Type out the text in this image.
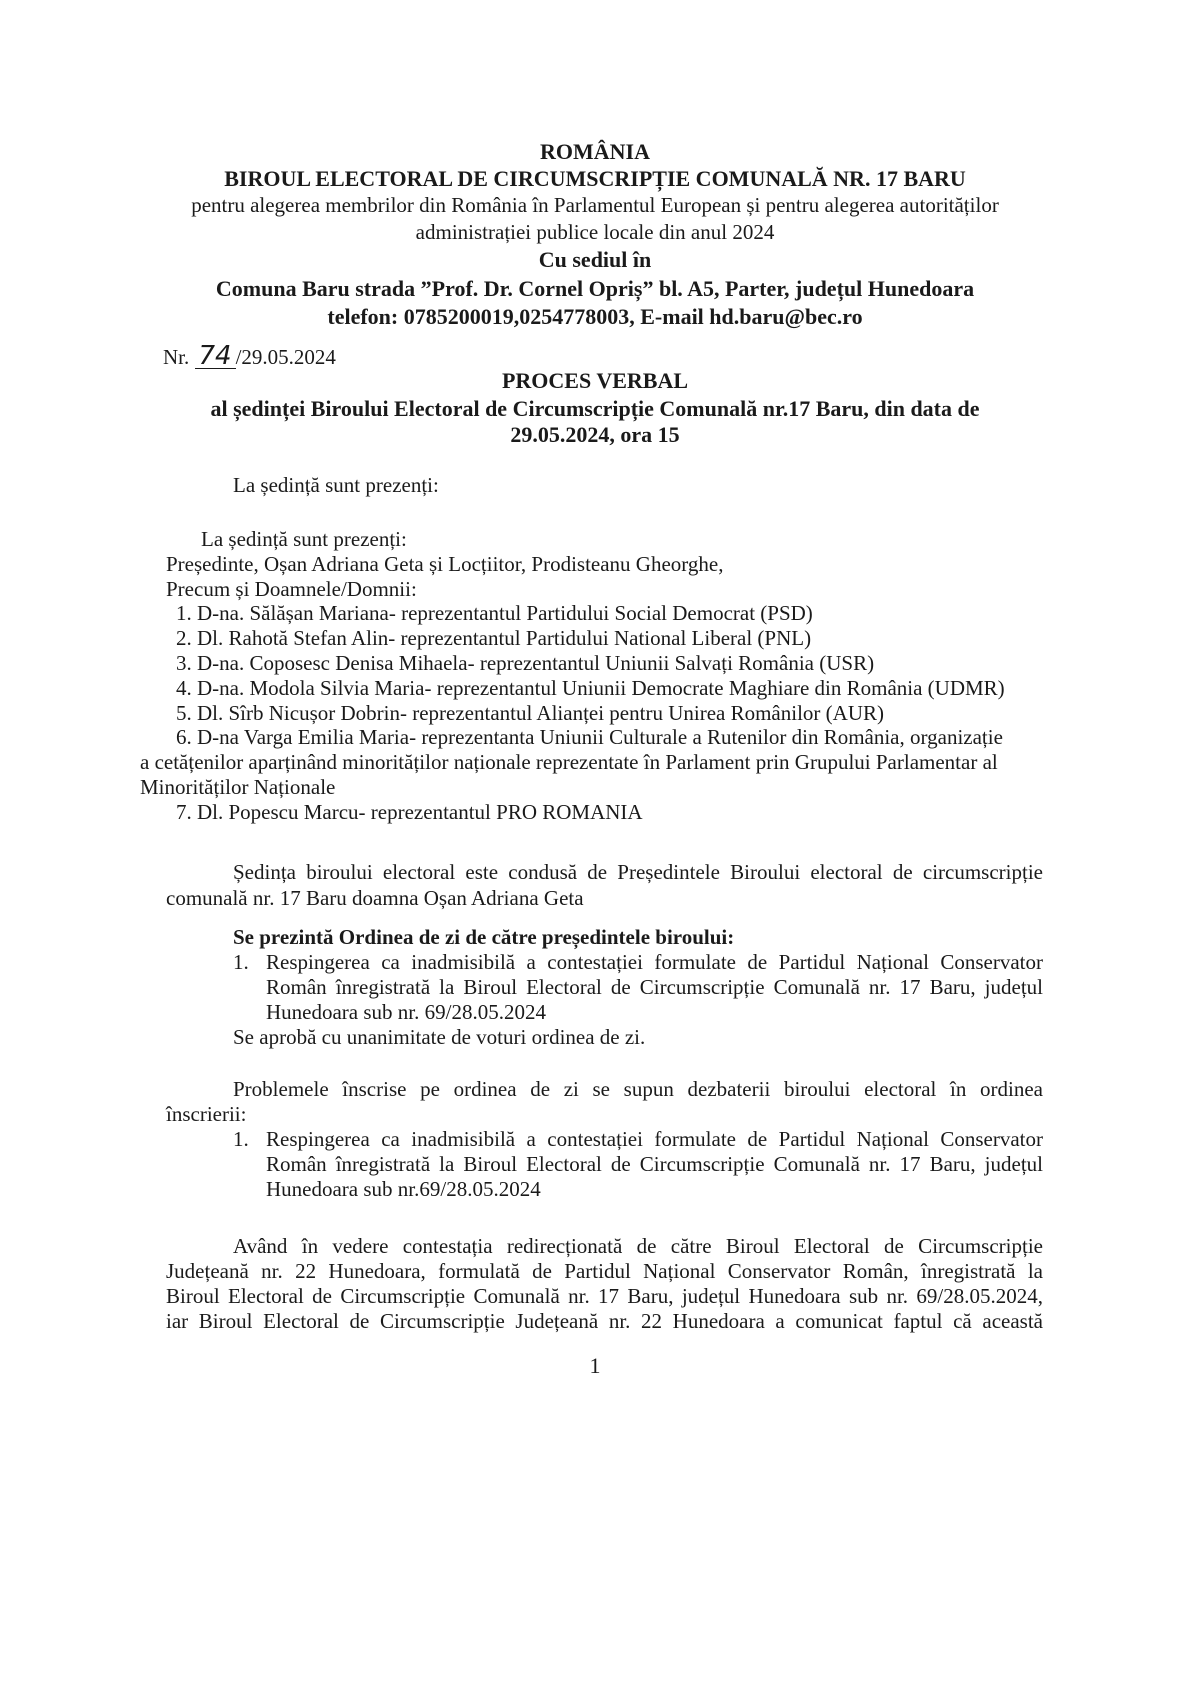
ROMÂNIA
BIROUL ELECTORAL DE CIRCUMSCRIPȚIE COMUNALĂ NR. 17 BARU
pentru alegerea membrilor din România în Parlamentul European și pentru alegerea autorităților
administrației publice locale din anul 2024
Cu sediul în
Comuna Baru strada ”Prof. Dr. Cornel Opriș” bl. A5, Parter, județul Hunedoara
telefon: 0785200019,0254778003, E-mail hd.baru@bec.ro
Nr. 74 /29.05.2024
PROCES VERBAL
al ședinței Biroului Electoral de Circumscripție Comunală nr.17 Baru, din data de
29.05.2024, ora 15
La ședință sunt prezenți:
La ședință sunt prezenți:
Președinte, Oșan Adriana Geta și Locțiitor, Prodisteanu Gheorghe,
Precum și Doamnele/Domnii:
1. D-na. Sălășan Mariana- reprezentantul Partidului Social Democrat (PSD)
2. Dl. Rahotă Stefan Alin- reprezentantul Partidului National Liberal (PNL)
3. D-na. Coposesc Denisa Mihaela- reprezentantul Uniunii Salvați România (USR)
4. D-na. Modola Silvia Maria- reprezentantul Uniunii Democrate Maghiare din România (UDMR)
5. Dl. Sîrb Nicușor Dobrin- reprezentantul Alianței pentru Unirea Românilor (AUR)
6. D-na Varga Emilia Maria- reprezentanta Uniunii Culturale a Rutenilor din România, organizație
a cetățenilor aparținând minorităților naționale reprezentate în Parlament prin Grupului Parlamentar al
Minorităților Naționale
7. Dl. Popescu Marcu- reprezentantul PRO ROMANIA
Ședința biroului electoral este condusă de Președintele Biroului electoral de circumscripție
comunală nr. 17 Baru doamna Oșan Adriana Geta
Se prezintă Ordinea de zi de către președintele biroului:
1. Respingerea ca inadmisibilă a contestației formulate de Partidul Național Conservator
Român înregistrată la Biroul Electoral de Circumscripție Comunală nr. 17 Baru, județul
Hunedoara sub nr. 69/28.05.2024
Se aprobă cu unanimitate de voturi ordinea de zi.
Problemele înscrise pe ordinea de zi se supun dezbaterii biroului electoral în ordinea
înscrierii:
1. Respingerea ca inadmisibilă a contestației formulate de Partidul Național Conservator
Român înregistrată la Biroul Electoral de Circumscripție Comunală nr. 17 Baru, județul
Hunedoara sub nr.69/28.05.2024
Având în vedere contestația redirecționată de către Biroul Electoral de Circumscripție
Județeană nr. 22 Hunedoara, formulată de Partidul Național Conservator Român, înregistrată la
Biroul Electoral de Circumscripție Comunală nr. 17 Baru, județul Hunedoara sub nr. 69/28.05.2024,
iar Biroul Electoral de Circumscripție Județeană nr. 22 Hunedoara a comunicat faptul că această
1
